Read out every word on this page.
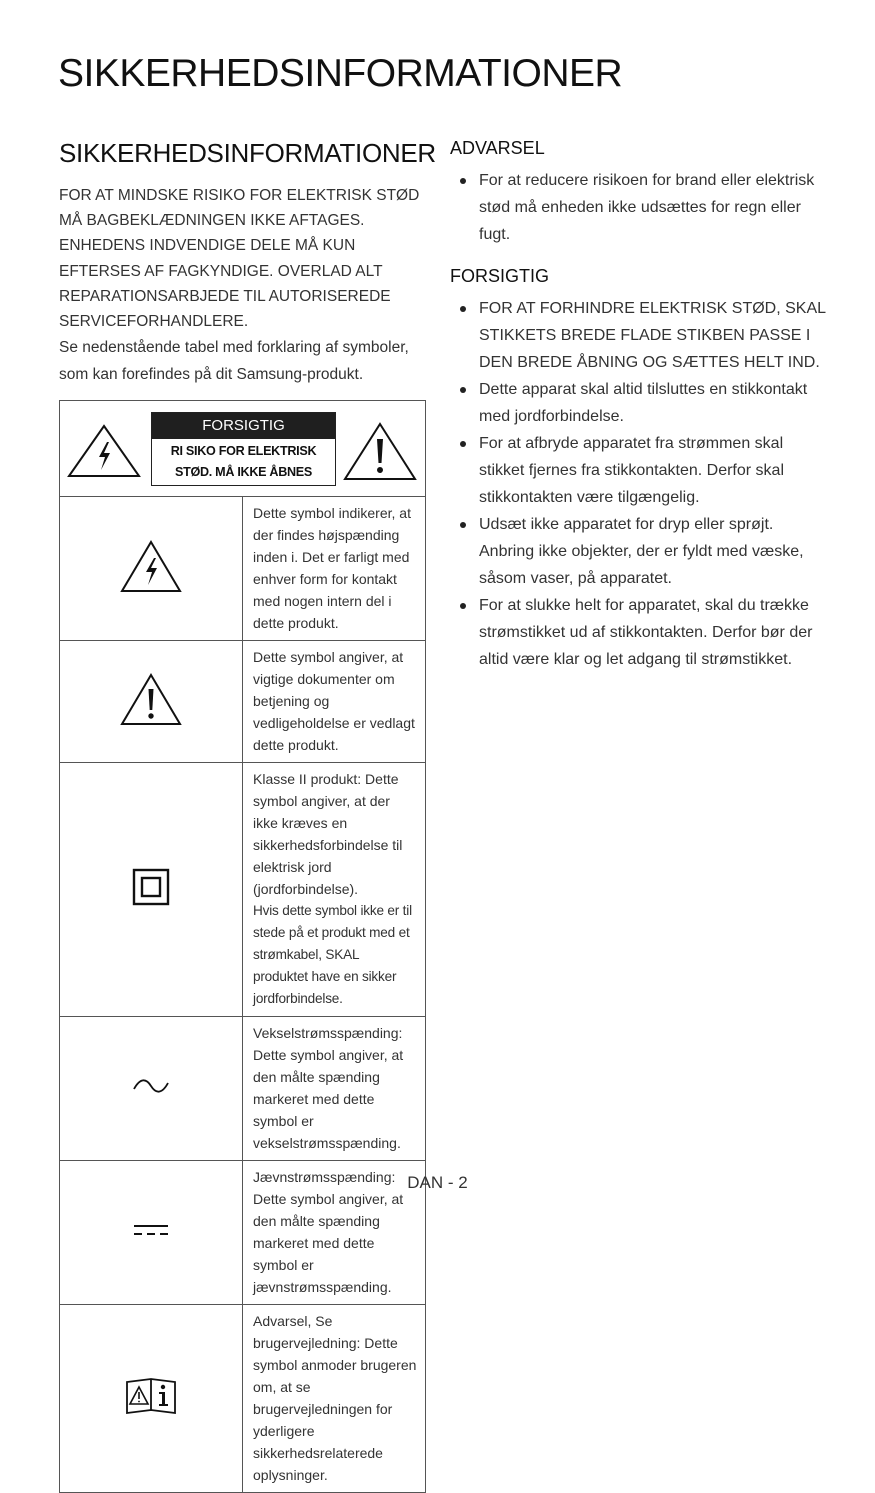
SIKKERHEDSINFORMATIONER
SIKKERHEDSINFORMATIONER

FOR AT MINDSKE RISIKO FOR ELEKTRISK STØD MÅ BAGBEKLÆDNINGEN IKKE AFTAGES. ENHEDENS INDVENDIGE DELE MÅ KUN EFTERSES AF FAGKYNDIGE. OVERLAD ALT REPARATIONSARBJEDE TIL AUTORISEREDE SERVICEFORHANDLERE.

Se nedenstående tabel med forklaring af symboler, som kan forefindes på dit Samsung-produkt.

FORSIGTIG
RI SIKO FOR ELEKTRISK
STØD. MÅ IKKE ÅBNES	

	Dette symbol indikerer, at der findes højspænding inden i. Det er farligt med enhver form for kontakt med nogen intern del i dette produkt.
	Dette symbol angiver, at vigtige dokumenter om betjening og vedligeholdelse er vedlagt dette produkt.
	Klasse II produkt: Dette symbol angiver, at der ikke kræves en sikkerhedsforbindelse til elektrisk jord (jordforbindelse).
Hvis dette symbol ikke er til stede på et produkt med et strømkabel, SKAL produktet have en sikker jordforbindelse.

	Vekselstrømsspænding: Dette symbol angiver, at den målte spænding markeret med dette symbol er vekselstrømsspænding.
	Jævnstrømsspænding: Dette symbol angiver, at den målte spænding markeret med dette symbol er jævnstrømsspænding.
	Advarsel, Se brugervejledning: Dette symbol anmoder brugeren om, at se brugervejledningen for yderligere sikkerhedsrelaterede oplysninger.
ADVARSEL
For at reducere risikoen for brand eller elektrisk stød må enheden ikke udsættes for regn eller fugt.
FORSIGTIG
FOR AT FORHINDRE ELEKTRISK STØD, SKAL STIKKETS BREDE FLADE STIKBEN PASSE I DEN BREDE ÅBNING OG SÆTTES HELT IND.
Dette apparat skal altid tilsluttes en stikkontakt med jordforbindelse.
For at afbryde apparatet fra strømmen skal stikket fjernes fra stikkontakten. Derfor skal stikkontakten være tilgængelig.
Udsæt ikke apparatet for dryp eller sprøjt. Anbring ikke objekter, der er fyldt med væske, såsom vaser, på apparatet.
For at slukke helt for apparatet, skal du trække strømstikket ud af stikkontakten. Derfor bør der altid være klar og let adgang til strømstikket.
DAN - 2
